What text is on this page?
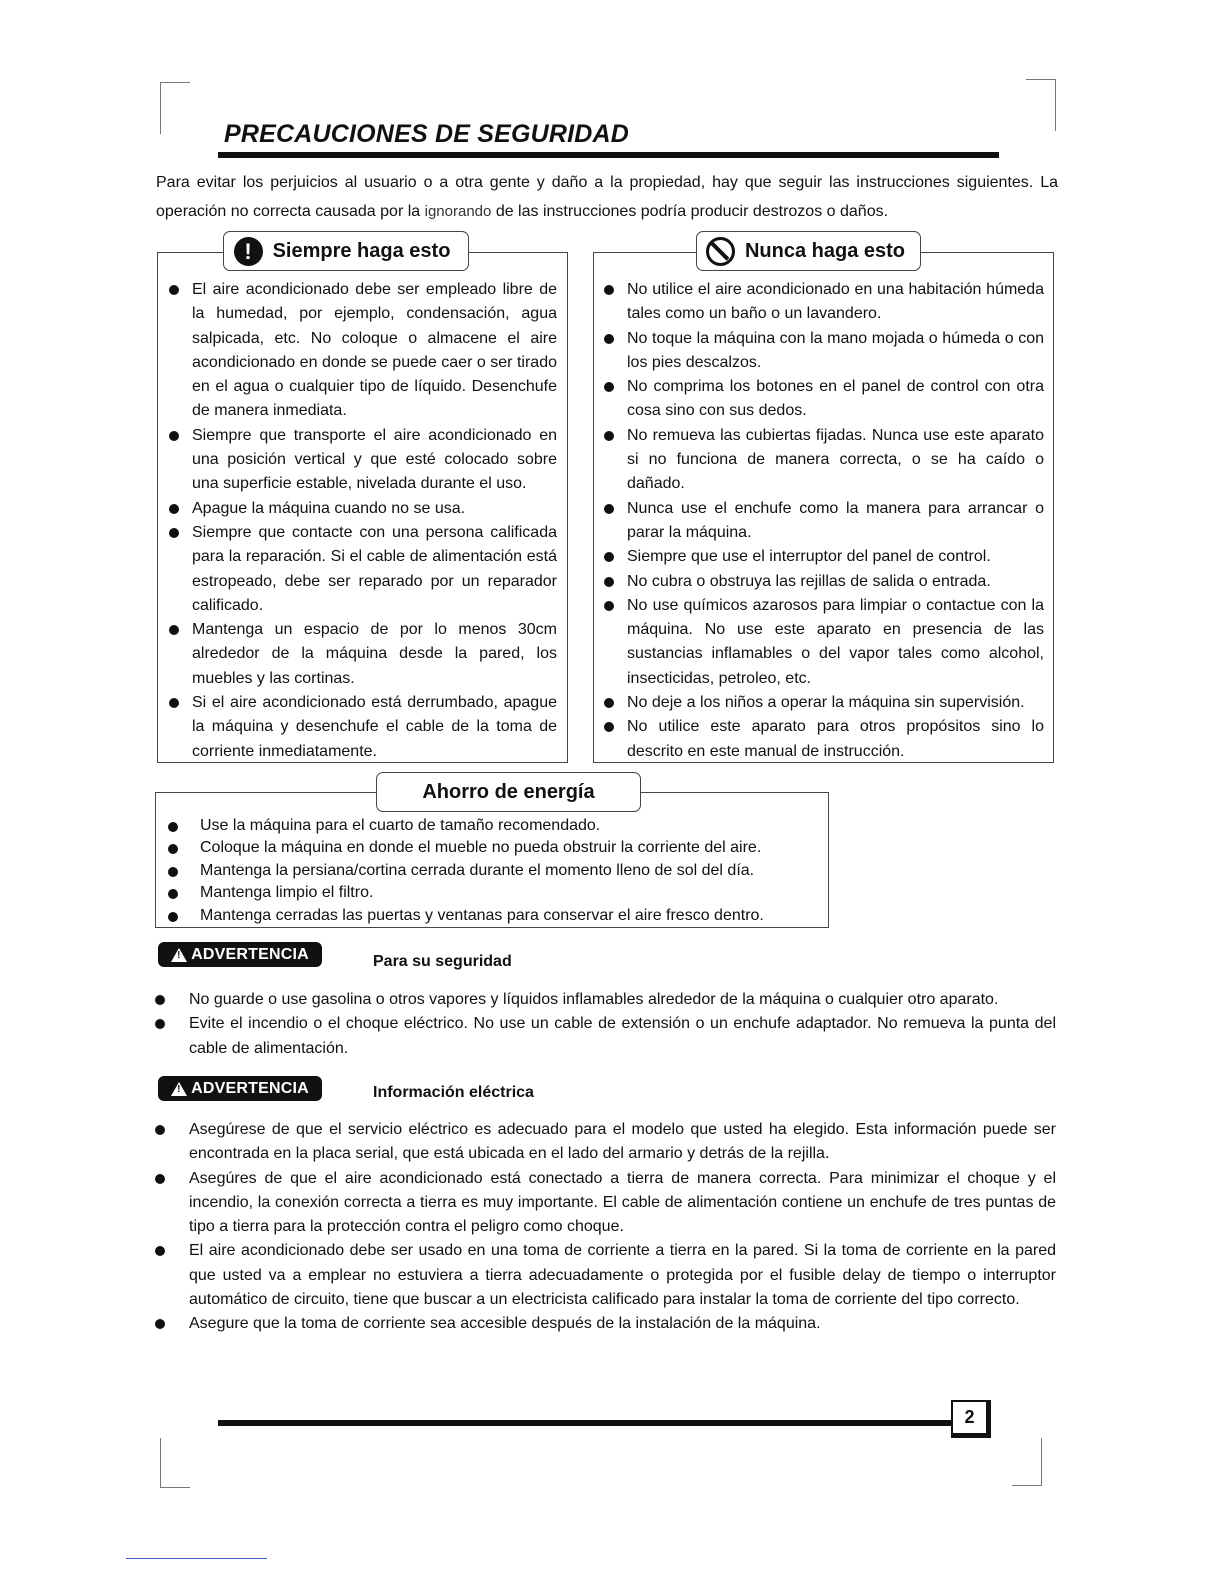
PRECAUCIONES DE SEGURIDAD

Para evitar los perjuicios al usuario o a otra gente y daño a la propiedad, hay que seguir las instrucciones siguientes. La operación no correcta causada por la ignorando de las instrucciones podría producir destrozos o daños.

!	Siempre haga esto
El aire acondicionado debe ser empleado libre de la humedad, por ejemplo, condensación, agua salpicada, etc. No coloque o almacene el aire acondicionado en donde se puede caer o ser tirado en el agua o cualquier tipo de líquido. Desenchufe de manera inmediata.
Siempre que transporte el aire acondicionado en una posición vertical y que esté colocado sobre una superficie estable, nivelada durante el uso.
Apague la máquina cuando no se usa.
Siempre que contacte con una persona calificada para la reparación. Si el cable de alimentación está estropeado, debe ser reparado por un reparador calificado.
Mantenga un espacio de por lo menos 30cm alrededor de la máquina desde la pared, los muebles y las cortinas.
Si el aire acondicionado está derrumbado, apague la máquina y desenchufe el cable de la toma de corriente inmediatamente.
Nunca haga esto
No utilice el aire acondicionado en una habitación húmeda tales como un baño o un lavandero.
No toque la máquina con la mano mojada o húmeda o con los pies descalzos.
No comprima los botones en el panel de control con otra cosa sino con sus dedos.
No remueva las cubiertas fijadas. Nunca use este aparato si no funciona de manera correcta, o se ha caído o dañado.
Nunca use el enchufe como la manera para arrancar o parar la máquina.
Siempre que use el interruptor del panel de control.
No cubra o obstruya las rejillas de salida o entrada.
No use químicos azarosos para limpiar o contactue con la máquina. No use este aparato en presencia de las sustancias inflamables o del vapor tales como alcohol, insecticidas, petroleo, etc.
No deje a los niños a operar la máquina sin supervisión.
No utilice este aparato para otros propósitos sino lo descrito en este manual de instrucción.
Ahorro de energía
Use la máquina para el cuarto de tamaño recomendado.
Coloque la máquina en donde el mueble no pueda obstruir la corriente del aire.
Mantenga la persiana/cortina cerrada durante el momento lleno de sol del día.
Mantenga limpio el filtro.
Mantenga cerradas las puertas y ventanas para conservar el aire fresco dentro.
!
ADVERTENCIA	Para su seguridad
No guarde o use gasolina o otros vapores y líquidos inflamables alrededor de la máquina o cualquier otro aparato.
Evite el incendio o el choque eléctrico. No use un cable de extensión o un enchufe adaptador. No remueva la punta del cable de alimentación.
!
ADVERTENCIA	Información eléctrica
Asegúrese de que el servicio eléctrico es adecuado para el modelo que usted ha elegido. Esta información puede ser encontrada en la placa serial, que está ubicada en el lado del armario y detrás de la rejilla.
Asegúres de que el aire acondicionado está conectado a tierra de manera correcta. Para minimizar el choque y el incendio, la conexión correcta a tierra es muy importante. El cable de alimentación contiene un enchufe de tres puntas de tipo a tierra para la protección contra el peligro como choque.
El aire acondicionado debe ser usado en una toma de corriente a tierra en la pared. Si la toma de corriente en la pared que usted va a emplear no estuviera a tierra adecuadamente o protegida por el fusible delay de tiempo o interruptor automático de circuito, tiene que buscar a un electricista calificado para instalar la toma de corriente del tipo correcto.
Asegure que la toma de corriente sea accesible después de la instalación de la máquina.
2
